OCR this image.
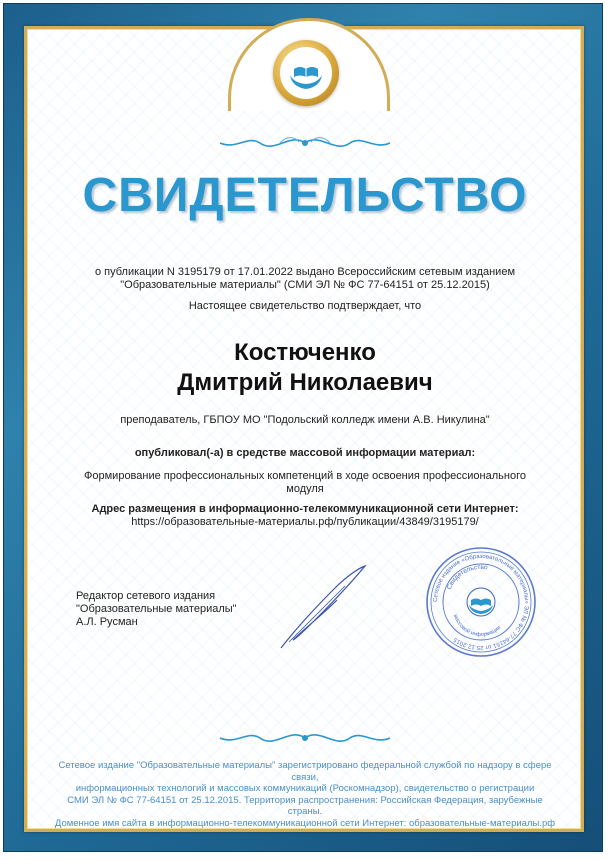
СВИДЕТЕЛЬСТВО
о публикации N 3195179 от 17.01.2022 выдано Всероссийским сетевым изданием
"Образовательные материалы" (СМИ ЭЛ № ФС 77-64151 от 25.12.2015)
Настоящее свидетельство подтверждает, что
Костюченко
Дмитрий Николаевич
преподаватель, ГБПОУ МО "Подольский колледж имени А.В. Никулина"
опубликовал(-а) в средстве массовой информации материал:
Формирование профессиональных компетенций в ходе освоения профессионального
модуля
Адрес размещения в информационно-телекоммуникационной сети Интернет:
https://образовательные-материалы.рф/публикации/43849/3195179/
Редактор сетевого издания
"Образовательные материалы"
А.Л. Русман
Сетевое издание «Образовательные материалы» ЭЛ № ФС 77-64151 от 25.12.2015
Свидетельство
массовой информации
Сетевое издание "Образовательные материалы" зарегистрировано федеральной службой по надзору в сфере связи,
информационных технологий и массовых коммуникаций (Роскомнадзор), свидетельство о регистрации
СМИ ЭЛ № ФС 77-64151 от 25.12.2015. Территория распространения: Российская Федерация, зарубежные страны.
Доменное имя сайта в информационно-телекоммуникационной сети Интернет: образовательные-материалы.рф
